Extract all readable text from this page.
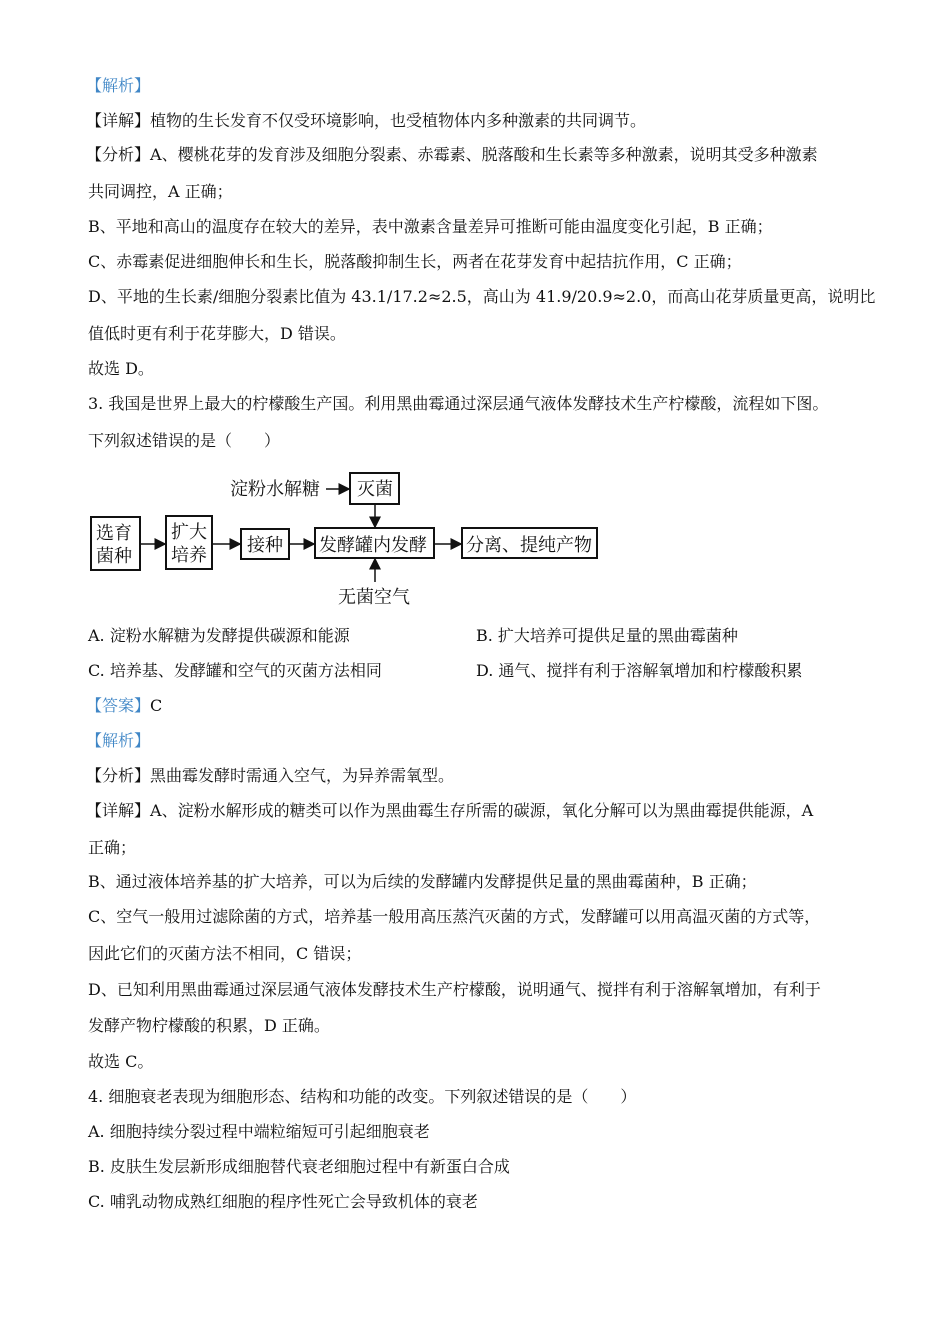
【解析】
【详解】植物的生长发育不仅受环境影响，也受植物体内多种激素的共同调节。
【分析】A、樱桃花芽的发育涉及细胞分裂素、赤霉素、脱落酸和生长素等多种激素，说明其受多种激素
共同调控，A 正确；
B、平地和高山的温度存在较大的差异，表中激素含量差异可推断可能由温度变化引起，B 正确；
C、赤霉素促进细胞伸长和生长，脱落酸抑制生长，两者在花芽发育中起拮抗作用，C 正确；
D、平地的生长素/细胞分裂素比值为 43.1/17.2≈2.5，高山为 41.9/20.9≈2.0，而高山花芽质量更高，说明比
值低时更有利于花芽膨大，D 错误。
故选 D。
3. 我国是世界上最大的柠檬酸生产国。利用黑曲霉通过深层通气液体发酵技术生产柠檬酸，流程如下图。
下列叙述错误的是（　　）
淀粉水解糖 灭菌
选育
菌种
扩大
培养 接种 发酵罐内发酵 分离、提纯产物
无菌空气
A. 淀粉水解糖为发酵提供碳源和能源	B. 扩大培养可提供足量的黑曲霉菌种
C. 培养基、发酵罐和空气的灭菌方法相同	D. 通气、搅拌有利于溶解氧增加和柠檬酸积累
【答案】C
【解析】
【分析】黑曲霉发酵时需通入空气，为异养需氧型。
【详解】A、淀粉水解形成的糖类可以作为黑曲霉生存所需的碳源，氧化分解可以为黑曲霉提供能源，A
正确；
B、通过液体培养基的扩大培养，可以为后续的发酵罐内发酵提供足量的黑曲霉菌种，B 正确；
C、空气一般用过滤除菌的方式，培养基一般用高压蒸汽灭菌的方式，发酵罐可以用高温灭菌的方式等，
因此它们的灭菌方法不相同，C 错误；
D、已知利用黑曲霉通过深层通气液体发酵技术生产柠檬酸，说明通气、搅拌有利于溶解氧增加，有利于
发酵产物柠檬酸的积累，D 正确。
故选 C。
4. 细胞衰老表现为细胞形态、结构和功能的改变。下列叙述错误的是（　　）
A. 细胞持续分裂过程中端粒缩短可引起细胞衰老
B. 皮肤生发层新形成细胞替代衰老细胞过程中有新蛋白合成
C. 哺乳动物成熟红细胞的程序性死亡会导致机体的衰老
